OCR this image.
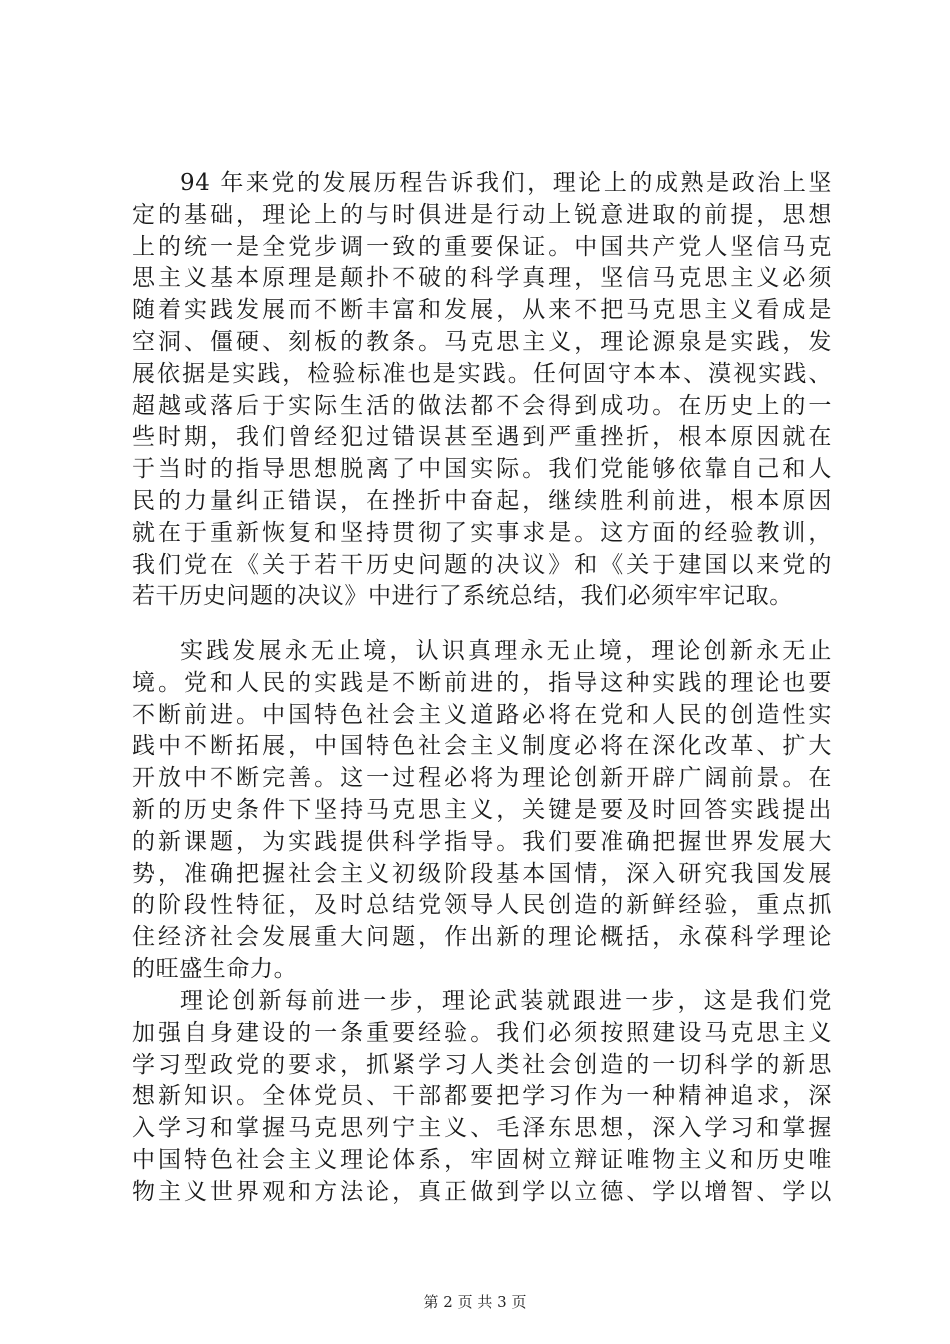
94 年来党的发展历程告诉我们，理论上的成熟是政治上坚
定的基础，理论上的与时俱进是行动上锐意进取的前提，思想
上的统一是全党步调一致的重要保证。中国共产党人坚信马克
思主义基本原理是颠扑不破的科学真理，坚信马克思主义必须
随着实践发展而不断丰富和发展，从来不把马克思主义看成是
空洞、僵硬、刻板的教条。马克思主义，理论源泉是实践，发
展依据是实践，检验标准也是实践。任何固守本本、漠视实践、
超越或落后于实际生活的做法都不会得到成功。在历史上的一
些时期，我们曾经犯过错误甚至遇到严重挫折，根本原因就在
于当时的指导思想脱离了中国实际。我们党能够依靠自己和人
民的力量纠正错误，在挫折中奋起，继续胜利前进，根本原因
就在于重新恢复和坚持贯彻了实事求是。这方面的经验教训，
我们党在《关于若干历史问题的决议》和《关于建国以来党的
若干历史问题的决议》中进行了系统总结，我们必须牢牢记取。
实践发展永无止境，认识真理永无止境，理论创新永无止
境。党和人民的实践是不断前进的，指导这种实践的理论也要
不断前进。中国特色社会主义道路必将在党和人民的创造性实
践中不断拓展，中国特色社会主义制度必将在深化改革、扩大
开放中不断完善。这一过程必将为理论创新开辟广阔前景。在
新的历史条件下坚持马克思主义，关键是要及时回答实践提出
的新课题，为实践提供科学指导。我们要准确把握世界发展大
势，准确把握社会主义初级阶段基本国情，深入研究我国发展
的阶段性特征，及时总结党领导人民创造的新鲜经验，重点抓
住经济社会发展重大问题，作出新的理论概括，永葆科学理论
的旺盛生命力。
理论创新每前进一步，理论武装就跟进一步，这是我们党
加强自身建设的一条重要经验。我们必须按照建设马克思主义
学习型政党的要求，抓紧学习人类社会创造的一切科学的新思
想新知识。全体党员、干部都要把学习作为一种精神追求，深
入学习和掌握马克思列宁主义、毛泽东思想，深入学习和掌握
中国特色社会主义理论体系，牢固树立辩证唯物主义和历史唯
物主义世界观和方法论，真正做到学以立德、学以增智、学以
第 2 页 共 3 页
